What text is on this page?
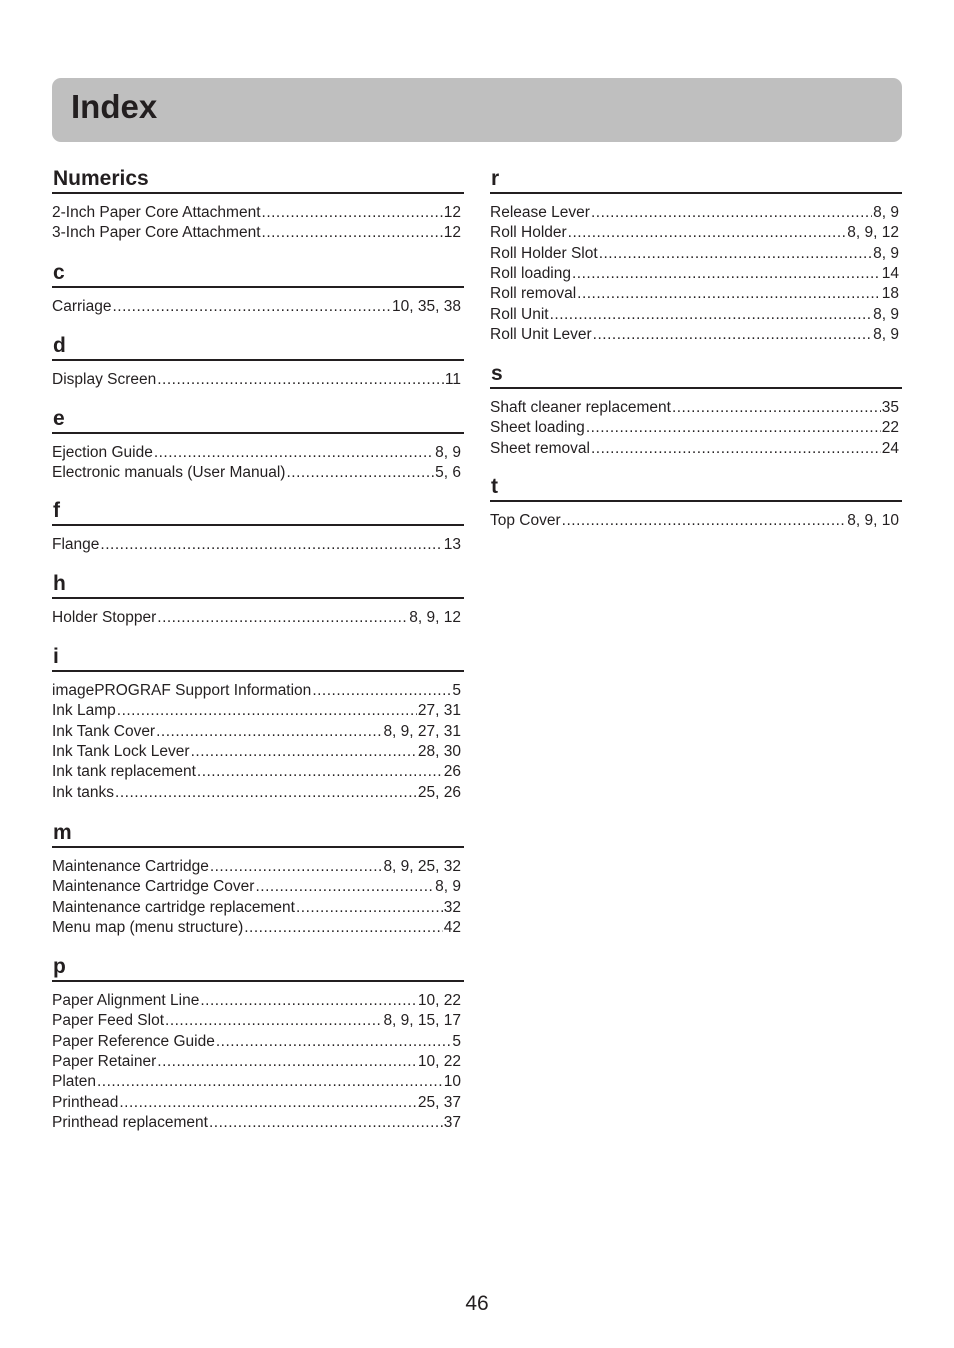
Index
Numerics
2-Inch Paper Core Attachment .....	12
3-Inch Paper Core Attachment .....	12
c
Carriage .....	10, 35, 38
d
Display Screen .....	11
e
Ejection Guide .....	8, 9
Electronic manuals (User Manual) .....	5, 6
f
Flange .....	13
h
Holder Stopper .....	8, 9, 12
i
imagePROGRAF Support Information .....	5
Ink Lamp .....	27, 31
Ink Tank Cover .....	8, 9, 27, 31
Ink Tank Lock Lever .....	28, 30
Ink tank replacement .....	26
Ink tanks .....	25, 26
m
Maintenance Cartridge .....	8, 9, 25, 32
Maintenance Cartridge Cover .....	8, 9
Maintenance cartridge replacement .....	32
Menu map (menu structure) .....	42
p
Paper Alignment Line .....	10, 22
Paper Feed Slot .....	8, 9, 15, 17
Paper Reference Guide .....	5
Paper Retainer .....	10, 22
Platen .....	10
Printhead .....	25, 37
Printhead replacement .....	37
r
Release Lever .....	8, 9
Roll Holder .....	8, 9, 12
Roll Holder Slot .....	8, 9
Roll loading .....	14
Roll removal .....	18
Roll Unit .....	8, 9
Roll Unit Lever .....	8, 9
s
Shaft cleaner replacement .....	35
Sheet loading .....	22
Sheet removal .....	24
t
Top Cover .....	8, 9, 10
46
